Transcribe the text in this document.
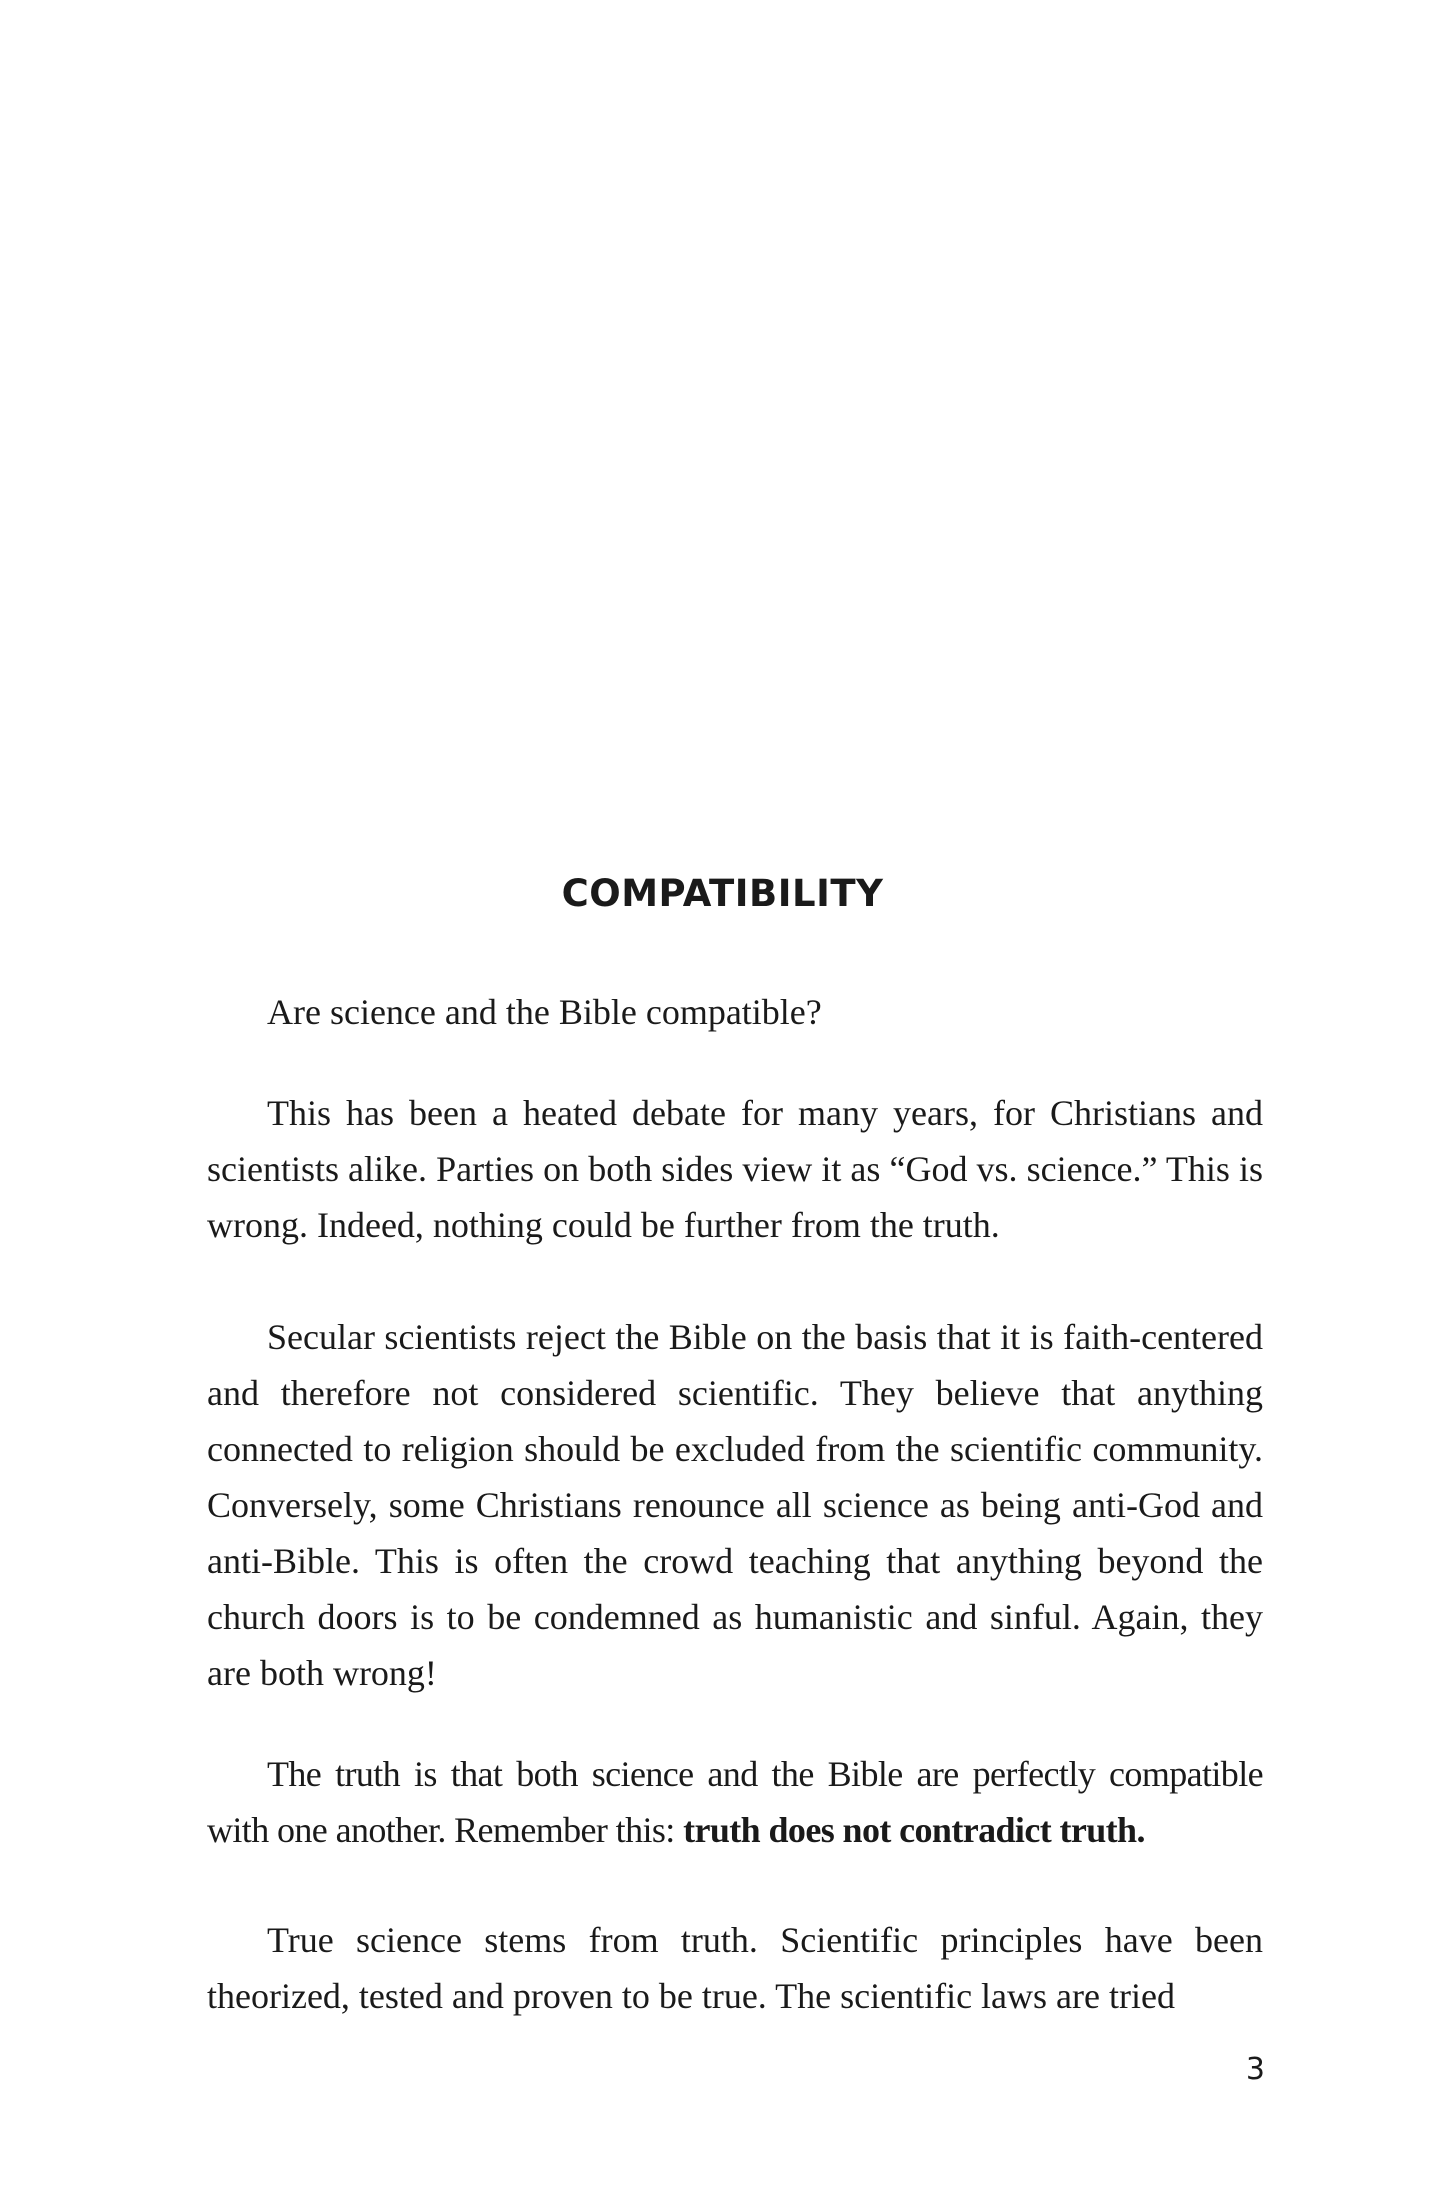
COMPATIBILITY

Are science and the Bible compatible?

This has been a heated debate for many years, for Christians and scientists alike. Parties on both sides view it as “God vs. science.” This is wrong. Indeed, nothing could be further from the truth.

Secular scientists reject the Bible on the basis that it is faith-centered and therefore not considered scientific. They believe that anything connected to religion should be excluded from the scientific community. Conversely, some Christians renounce all science as being anti-God and anti-Bible. This is often the crowd teaching that anything beyond the church doors is to be condemned as humanistic and sinful. Again, they are both wrong!

The truth is that both science and the Bible are perfectly compatible with one another. Remember this: truth does not contradict truth.

True science stems from truth. Scientific principles have been theorized, tested and proven to be true. The scientific laws are tried

3
